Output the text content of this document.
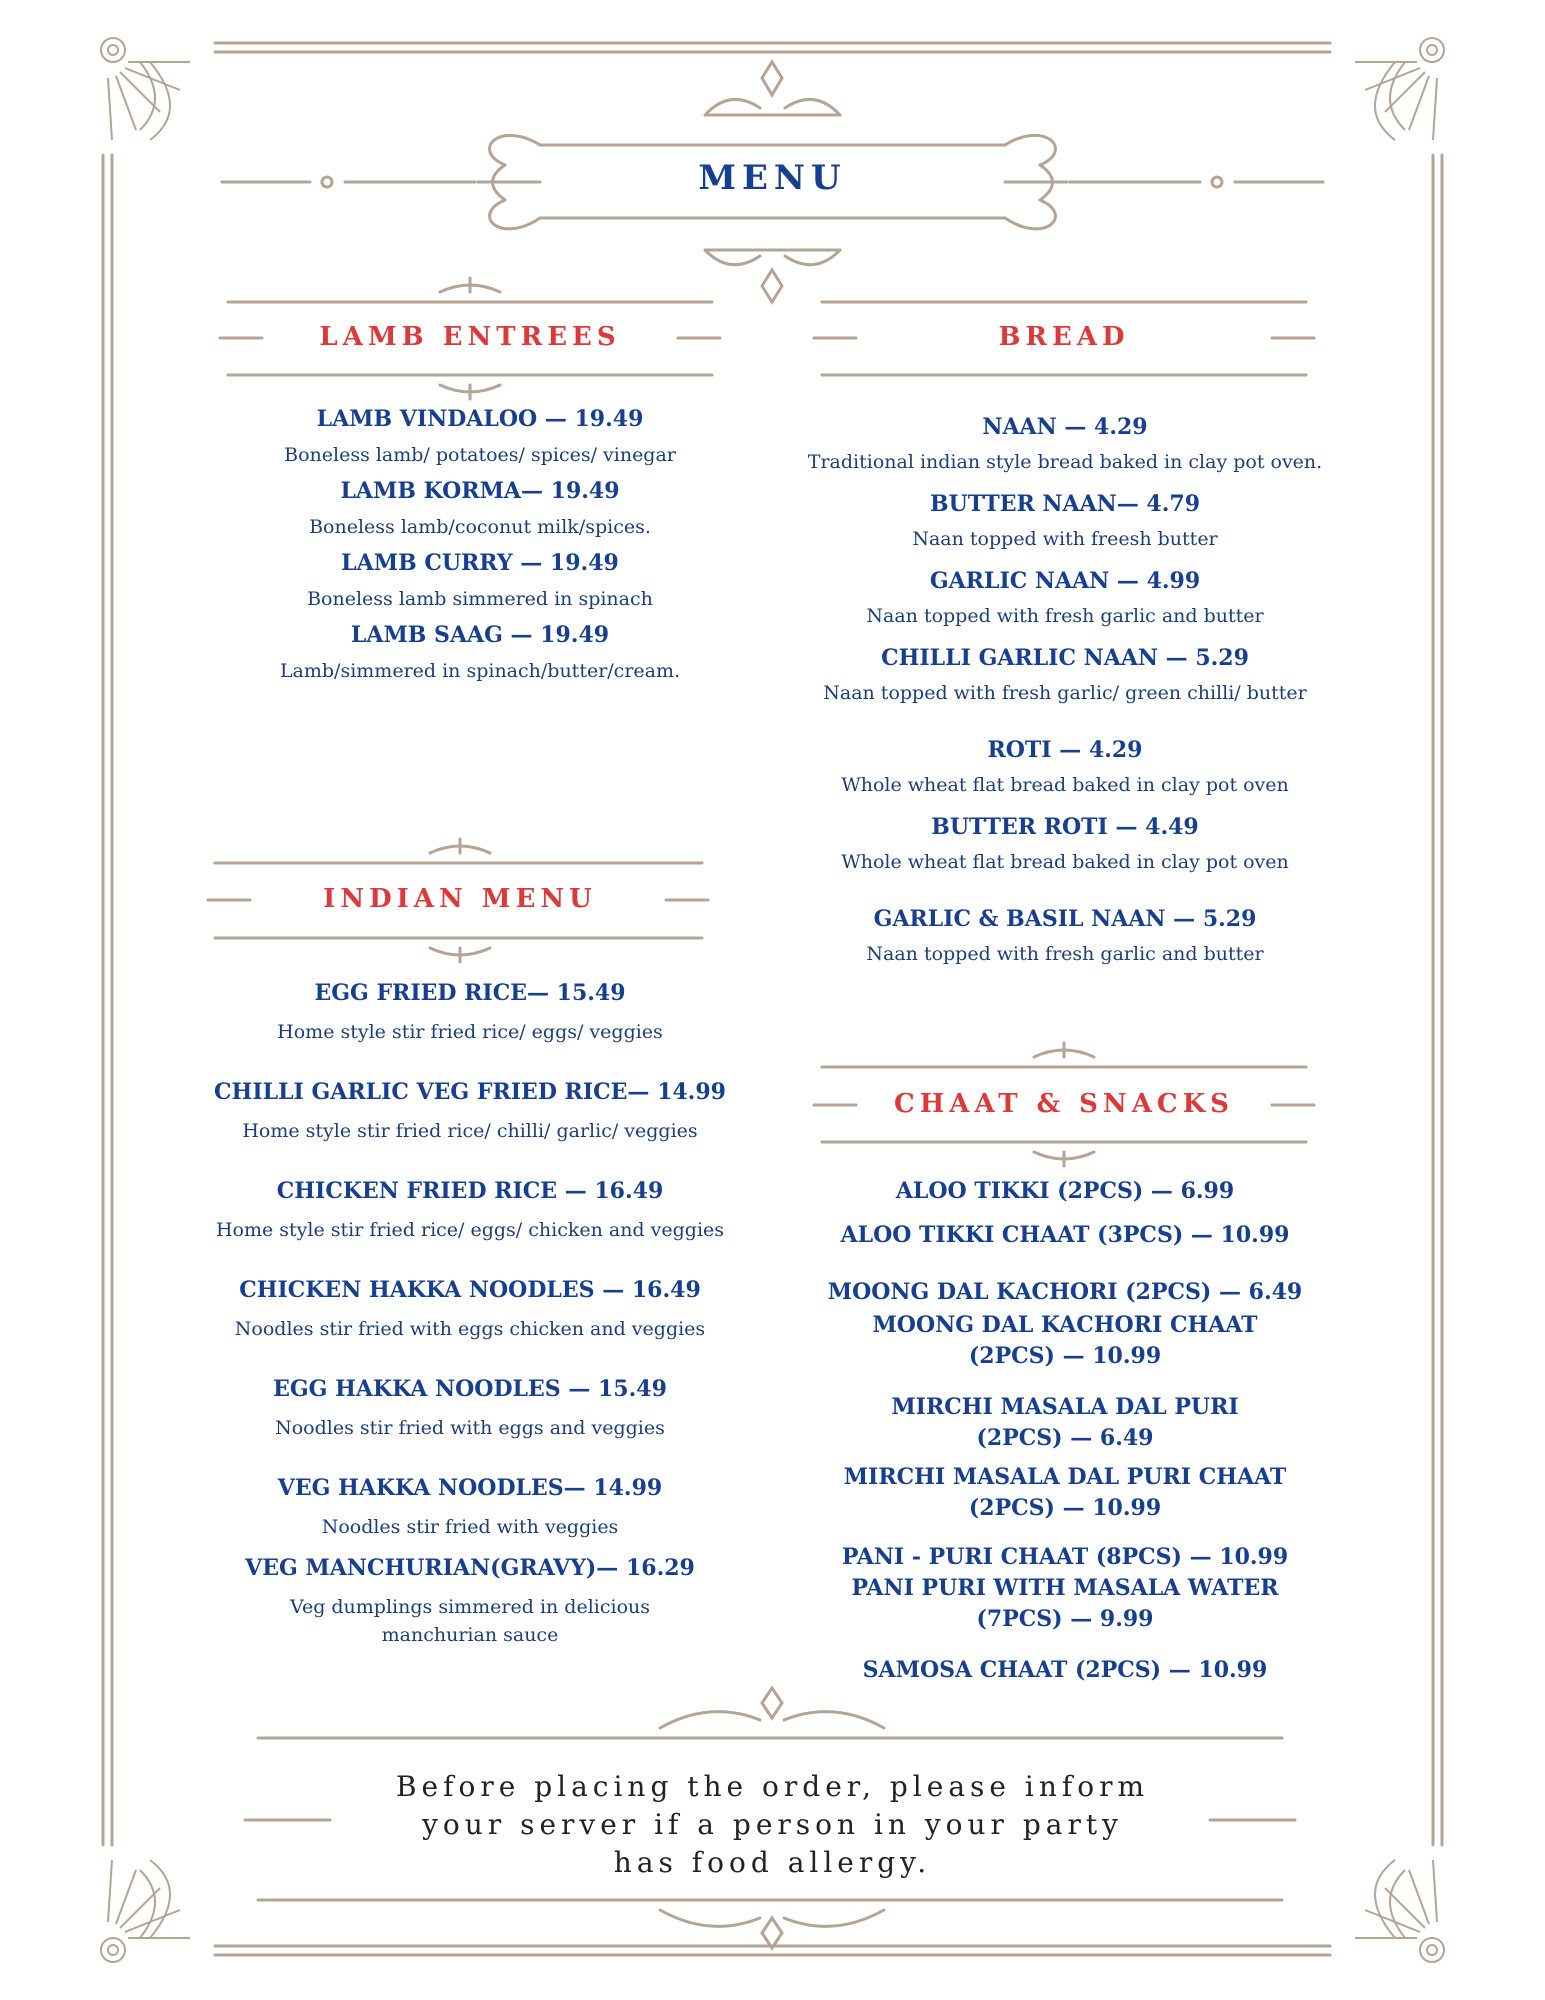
MENU
LAMB ENTREES	BREAD
INDIAN MENU
CHAAT & SNACKS
LAMB VINDALOO — 19.49
Boneless lamb/ potatoes/ spices/ vinegar
LAMB KORMA— 19.49
Boneless lamb/coconut milk/spices.
LAMB CURRY — 19.49
Boneless lamb simmered in spinach
LAMB SAAG — 19.49
Lamb/simmered in spinach/butter/cream.
EGG FRIED RICE— 15.49
Home style stir fried rice/ eggs/ veggies
CHILLI GARLIC VEG FRIED RICE— 14.99
Home style stir fried rice/ chilli/ garlic/ veggies
CHICKEN FRIED RICE — 16.49
Home style stir fried rice/ eggs/ chicken and veggies
CHICKEN HAKKA NOODLES — 16.49
Noodles stir fried with eggs chicken and veggies
EGG HAKKA NOODLES — 15.49
Noodles stir fried with eggs and veggies
VEG HAKKA NOODLES— 14.99
Noodles stir fried with veggies
VEG MANCHURIAN(GRAVY)— 16.29
Veg dumplings simmered in delicious manchurian sauce
NAAN — 4.29
Traditional indian style bread baked in clay pot oven.
BUTTER NAAN— 4.79
Naan topped with freesh butter
GARLIC NAAN — 4.99
Naan topped with fresh garlic and butter
CHILLI GARLIC NAAN — 5.29
Naan topped with fresh garlic/ green chilli/ butter
ROTI — 4.29
Whole wheat flat bread baked in clay pot oven
BUTTER ROTI — 4.49
Whole wheat flat bread baked in clay pot oven
GARLIC & BASIL NAAN — 5.29
Naan topped with fresh garlic and butter
ALOO TIKKI (2PCS) — 6.99
ALOO TIKKI CHAAT (3PCS) — 10.99
MOONG DAL KACHORI (2PCS) — 6.49
MOONG DAL KACHORI CHAAT
(2PCS) — 10.99
MIRCHI MASALA DAL PURI
(2PCS) — 6.49
MIRCHI MASALA DAL PURI CHAAT
(2PCS) — 10.99
PANI - PURI CHAAT (8PCS) — 10.99
PANI PURI WITH MASALA WATER
(7PCS) — 9.99
SAMOSA CHAAT (2PCS) — 10.99
Before placing the order, please inform
your server if a person in your party
has food allergy.
